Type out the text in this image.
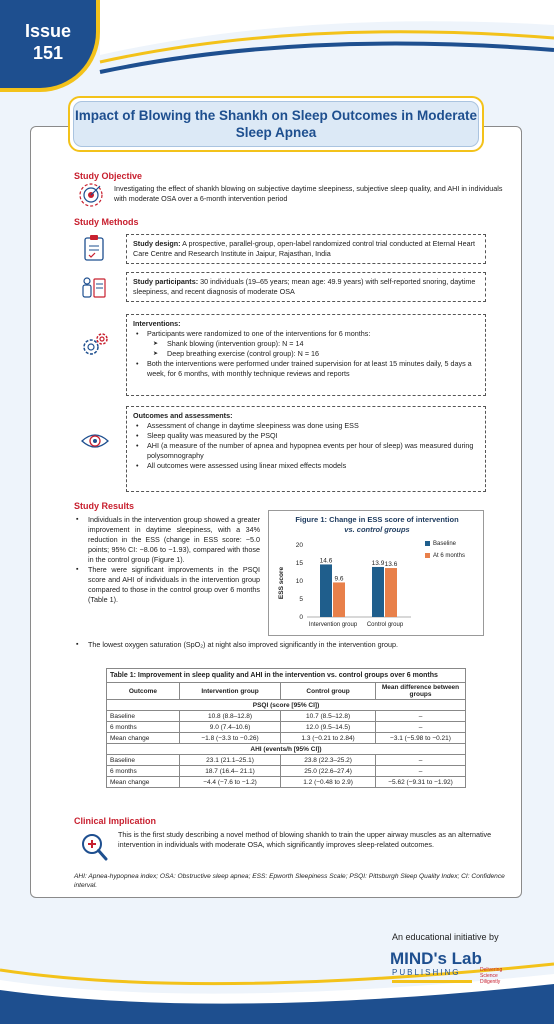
Issue
151
Impact of Blowing the Shankh on Sleep Outcomes in Moderate Sleep Apnea
Study Objective
Investigating the effect of shankh blowing on subjective daytime sleepiness, subjective sleep quality, and AHI in individuals with moderate OSA over a 6-month intervention period
Study Methods
Study design: A prospective, parallel-group, open-label randomized control trial conducted at Eternal Heart Care Centre and Research Institute in Jaipur, Rajasthan, India
Study participants: 30 individuals (19–65 years; mean age: 49.9 years) with self-reported snoring, daytime sleepiness, and recent diagnosis of moderate OSA
Interventions:
• Participants were randomized to one of the interventions for 6 months:
➤ Shank blowing (intervention group): N = 14
➤ Deep breathing exercise (control group): N = 16
• Both the interventions were performed under trained supervision for at least 15 minutes daily, 5 days a week, for 6 months, with monthly technique reviews and reports
Outcomes and assessments:
• Assessment of change in daytime sleepiness was done using ESS
• Sleep quality was measured by the PSQI
• AHI (a measure of the number of apnea and hypopnea events per hour of sleep) was measured during polysomnography
• All outcomes were assessed using linear mixed effects models
Study Results
▪ Individuals in the intervention group showed a greater improvement in daytime sleepiness, with a 34% reduction in the ESS (change in ESS score: −5.0 points; 95% CI: −8.06 to −1.93), compared with those in the control group (Figure 1).
▪ There were significant improvements in the PSQI score and AHI of individuals in the intervention group compared to those in the control group over 6 months (Table 1).
▪ The lowest oxygen saturation (SpO₂) at night also improved significantly in the intervention group.
Figure 1: Change in ESS score of intervention
vs. control groups
ESS score
0
5
10
15
20
14.6
9.6
Intervention group
13.9 13.6
Control group
Baseline
At 6 months
Table 1: Improvement in sleep quality and AHI in the intervention vs. control groups over 6 months			
Outcome	Intervention group	Control group	Mean difference between groups
PSQI (score [95% CI])			
Baseline	10.8 (8.8–12.8)	10.7 (8.5–12.8)	–
6 months	9.0 (7.4–10.6)	12.0 (9.5–14.5)	–
Mean change	−1.8 (−3.3 to −0.26)	1.3 (−0.21 to 2.84)	−3.1 (−5.98 to −0.21)
AHI (events/h [95% CI])			
Baseline	23.1 (21.1–25.1)	23.8 (22.3–25.2)	–
6 months	18.7 (16.4– 21.1)	25.0 (22.6–27.4)	–
Mean change	−4.4 (−7.6 to −1.2)	1.2 (−0.48 to 2.9)	−5.62 (−9.31 to −1.92)
Clinical Implication
This is the first study describing a novel method of blowing shankh to train the upper airway muscles as an alternative intervention in individuals with moderate OSA, which significantly improves sleep-related outcomes.
AHI: Apnea-hypopnea index; OSA: Obstructive sleep apnea; ESS: Epworth Sleepiness Scale; PSQI: Pittsburgh Sleep Quality Index; CI: Confidence interval.
An educational initiative by
MIND's Lab
PUBLISHING	Delivering
Science
Diligently
